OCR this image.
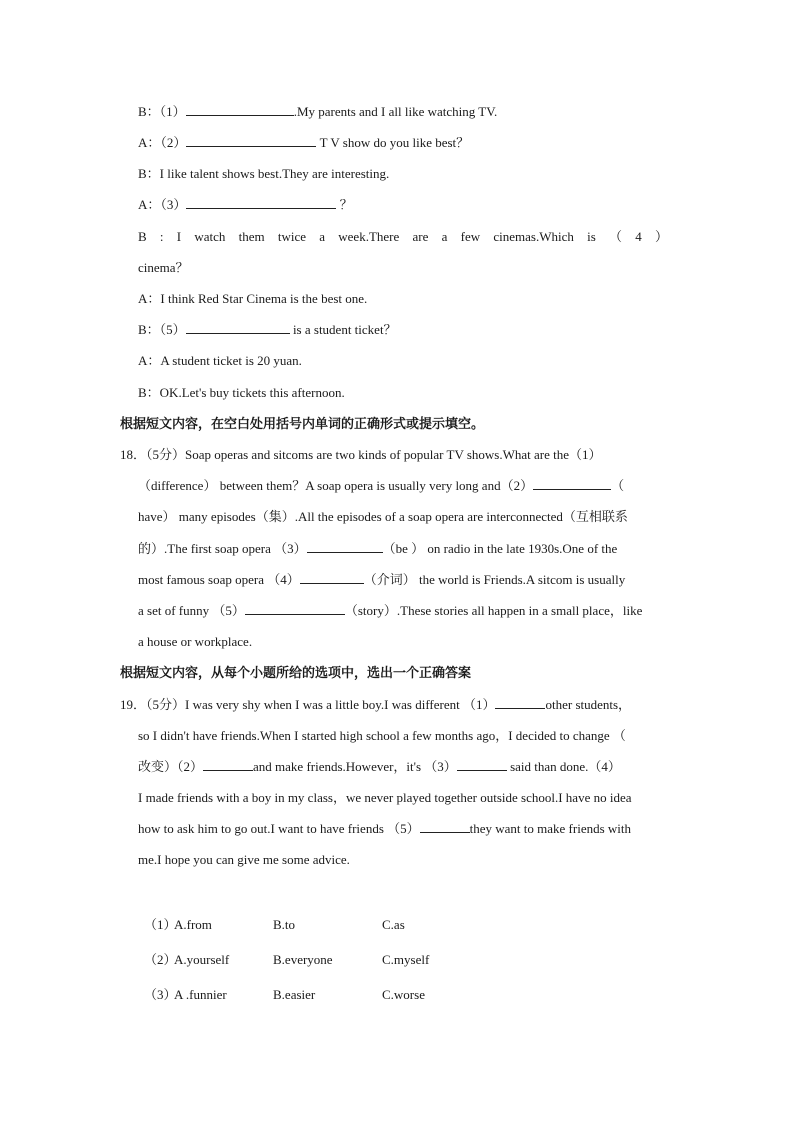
B：（1）	.My parents and I all like watching TV.
A：（2）	T V show do you like best？
B：I like talent shows best.They are interesting.
A：（3）	？
B : I watch them twice a week.There are a few cinemas.Which is （ 4 ）
cinema？
A：I think Red Star Cinema is the best one.
B：（5）	is a student ticket？
A：A student ticket is 20 yuan.
B：OK.Let's buy tickets this afternoon.
根据短文内容，在空白处用括号内单词的正确形式或提示填空。
18．（5分）Soap operas and sitcoms are two kinds of popular TV shows.What are the（1）
（difference） between them？A soap opera is usually very long and（2）	（
have） many episodes（集）.All the episodes of a soap opera are interconnected（互相联系
的）.The first soap opera （3）	（be ） on radio in the late 1930s.One of the
most famous soap opera （4）	（介词） the world is Friends.A sitcom is usually
a set of funny （5）	（story）.These stories all happen in a small place，like
a house or workplace.
根据短文内容，从每个小题所给的选项中，选出一个正确答案
19．（5分）I was very shy when I was a little boy.I was different （1）	other students，
so I didn't have friends.When I started high school a few months ago，I decided to change （
改变）（2）	and make friends.However，it's （3）	said than done.（4）
I made friends with a boy in my class，we never played together outside school.I have no idea
how to ask him to go out.I want to have friends （5）	they want to make friends with
me.I hope you can give me some advice.
（1）
A.from	B.to	C.as
（2）
A.yourself	B.everyone	C.myself
（3）
A .funnier	B.easier	C.worse
